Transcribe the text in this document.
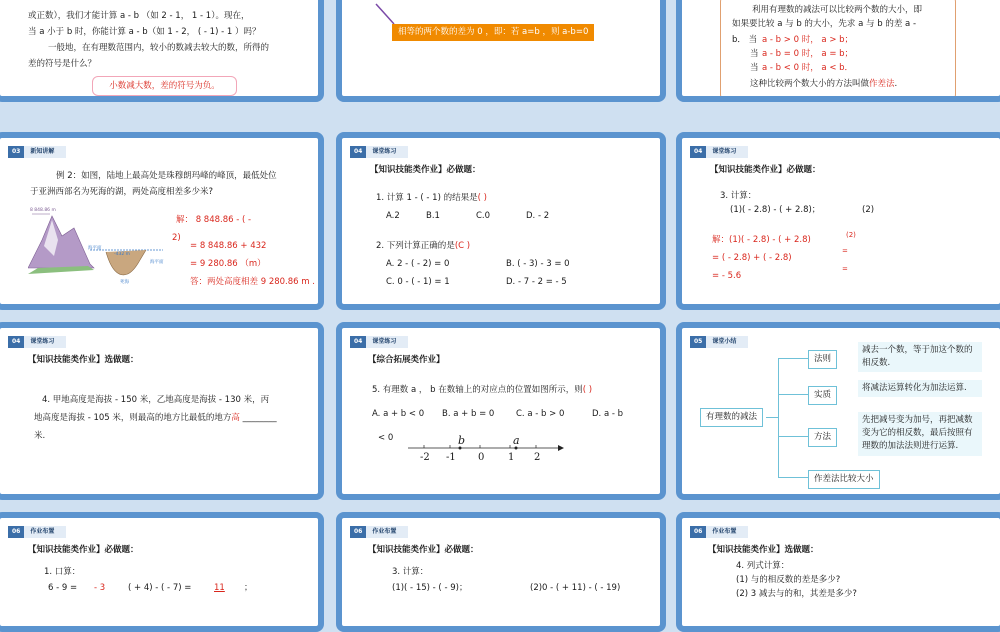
或正数），我们才能计算 a - b （如 2 - 1， 1 - 1）。现在，
当 a 小于 b 时，你能计算 a - b（如 1 - 2， ( - 1) - 1 ）吗？
一般地，在有理数范围内，较小的数减去较大的数，所得的
差的符号是什么？
小数减大数，差的符号为负。
相等的两个数的差为 0 ，即：若 a=b ，则 a-b=0
利用有理数的减法可以比较两个数的大小，即
如果要比较 a 与 b 的大小，先求 a 与 b 的差 a -
b． 当 a - b > 0 时， a > b；
当 a - b = 0 时， a = b；
当 a - b < 0 时， a < b．
这种比较两个数大小的方法叫做作差法.
03	新知讲解
例 2：如图，陆地上最高处是珠穆朗玛峰的峰顶，最低处位
于亚洲西部名为死海的湖，两处高度相差多少米?
8 848.86 m
海平面
-432 m
海平面
死海
解： 8 848.86 - ( -
2)
= 8 848.86 + 432
= 9 280.86 （m）
答：两处高度相差 9 280.86 m .
04	课堂练习
【知识技能类作业】必做题：
1. 计算 1 - ( - 1) 的结果是( )
A.2	B.1	C.0	D. - 2
2. 下列计算正确的是(C )
A. 2 - ( - 2) = 0	B. ( - 3) - 3 = 0
C. 0 - ( - 1) = 1	D. - 7 - 2 = - 5
04	课堂练习
【知识技能类作业】必做题：
3. 计算：
(1)( - 2.8) - ( + 2.8)；	(2)
解：(1)( - 2.8) - ( + 2.8)
= ( - 2.8) + ( - 2.8)
= - 5.6
(2)
=
=
04	课堂练习
【知识技能类作业】选做题：
4. 甲地高度是海拔 - 150 米，乙地高度是海拔 - 130 米，丙
地高度是海拔 - 105 米，则最高的地方比最低的地方高 ________
米.
04	课堂练习
【综合拓展类作业】
5. 有理数 a ， b 在数轴上的对应点的位置如图所示，则( )
A. a + b < 0 B. a + b = 0	C. a - b > 0	D. a - b
< 0
-2 -1 0 1 2
b	a
05	课堂小结
有理数的减法
法则
实质
方法
作差法比较大小
减去一个数，等于加这个数的相反数.
将减法运算转化为加法运算.
先把减号变为加号，再把减数变为它的相反数，最后按照有理数的加法法则进行运算.
06	作业布置
【知识技能类作业】必做题：
1. 口算：
6 - 9 = - 3	( + 4) - ( - 7) =	11 ；
06	作业布置
【知识技能类作业】必做题：
3. 计算：
(1)( - 15) - ( - 9)；	(2)0 - ( + 11) - ( - 19)
06	作业布置
【知识技能类作业】选做题：
4. 列式计算：
(1) 与的相反数的差是多少?
(2) 3 减去与的和，其差是多少?
